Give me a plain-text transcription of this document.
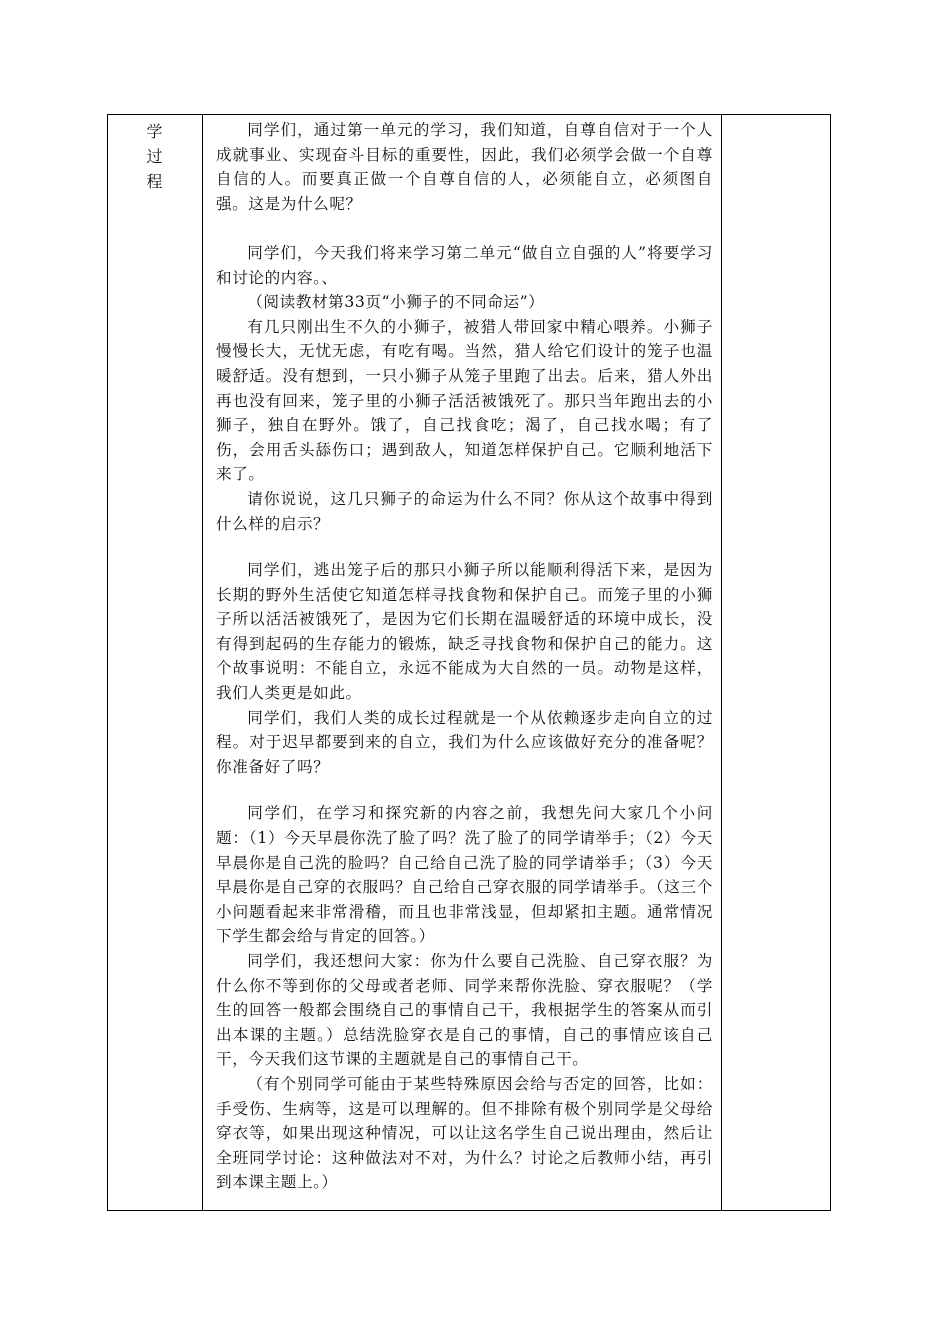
学
过
程

同学们，通过第一单元的学习，我们知道，自尊自信对于一个人成就事业、实现奋斗目标的重要性，因此，我们必须学会做一个自尊自信的人。而要真正做一个自尊自信的人，必须能自立，必须图自强。这是为什么呢？

同学们，今天我们将来学习第二单元“做自立自强的人”将要学习和讨论的内容。、

（阅读教材第33页“小狮子的不同命运”）

有几只刚出生不久的小狮子，被猎人带回家中精心喂养。小狮子慢慢长大，无忧无虑，有吃有喝。当然，猎人给它们设计的笼子也温暖舒适。没有想到，一只小狮子从笼子里跑了出去。后来，猎人外出再也没有回来，笼子里的小狮子活活被饿死了。那只当年跑出去的小狮子，独自在野外。饿了，自己找食吃；渴了，自己找水喝；有了伤，会用舌头舔伤口；遇到敌人，知道怎样保护自己。它顺利地活下来了。

请你说说，这几只狮子的命运为什么不同？你从这个故事中得到什么样的启示？

同学们，逃出笼子后的那只小狮子所以能顺利得活下来，是因为长期的野外生活使它知道怎样寻找食物和保护自己。而笼子里的小狮子所以活活被饿死了，是因为它们长期在温暖舒适的环境中成长，没有得到起码的生存能力的锻炼，缺乏寻找食物和保护自己的能力。这个故事说明：不能自立，永远不能成为大自然的一员。动物是这样，我们人类更是如此。

同学们，我们人类的成长过程就是一个从依赖逐步走向自立的过程。对于迟早都要到来的自立，我们为什么应该做好充分的准备呢？你准备好了吗？

同学们，在学习和探究新的内容之前，我想先问大家几个小问题：（1）今天早晨你洗了脸了吗？洗了脸了的同学请举手；（2）今天早晨你是自己洗的脸吗？自己给自己洗了脸的同学请举手；（3）今天早晨你是自己穿的衣服吗？自己给自己穿衣服的同学请举手。（这三个小问题看起来非常滑稽，而且也非常浅显，但却紧扣主题。通常情况下学生都会给与肯定的回答。）

同学们，我还想问大家：你为什么要自己洗脸、自己穿衣服？为什么你不等到你的父母或者老师、同学来帮你洗脸、穿衣服呢？（学生的回答一般都会围绕自己的事情自己干，我根据学生的答案从而引出本课的主题。）总结洗脸穿衣是自己的事情，自己的事情应该自己干，今天我们这节课的主题就是自己的事情自己干。

（有个别同学可能由于某些特殊原因会给与否定的回答，比如：手受伤、生病等，这是可以理解的。但不排除有极个别同学是父母给穿衣等，如果出现这种情况，可以让这名学生自己说出理由，然后让全班同学讨论：这种做法对不对，为什么？讨论之后教师小结，再引到本课主题上。）
